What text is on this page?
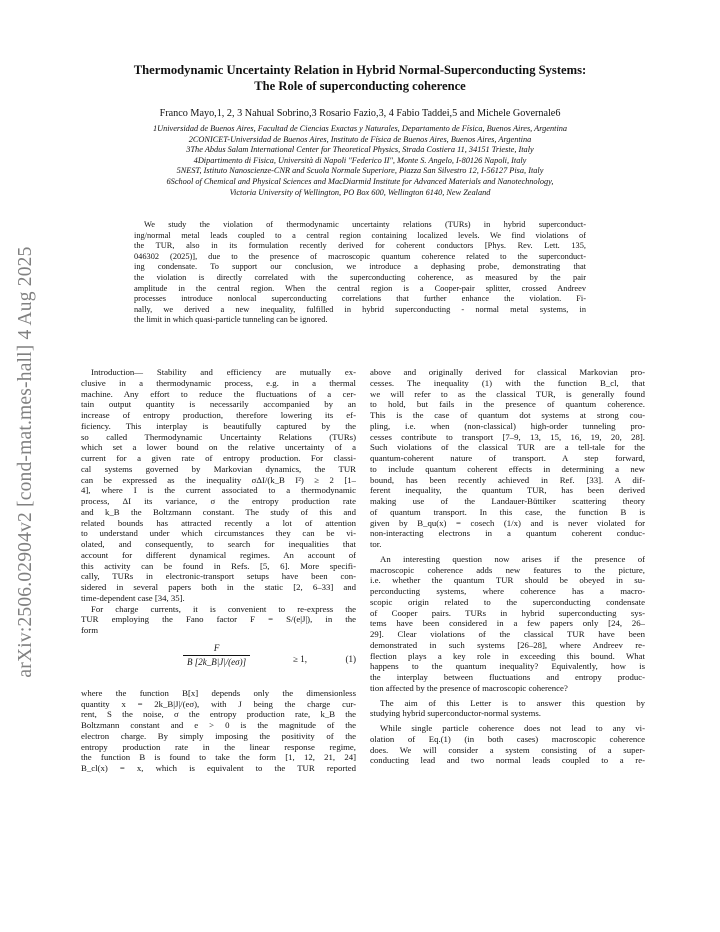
arXiv:2506.02904v2 [cond-mat.mes-hall] 4 Aug 2025
Thermodynamic Uncertainty Relation in Hybrid Normal-Superconducting Systems:
The Role of superconducting coherence
Franco Mayo,1, 2, 3 Nahual Sobrino,3 Rosario Fazio,3, 4 Fabio Taddei,5 and Michele Governale6
1Universidad de Buenos Aires, Facultad de Ciencias Exactas y Naturales, Departamento de Física, Buenos Aires, Argentina
2CONICET-Universidad de Buenos Aires, Instituto de Física de Buenos Aires, Buenos Aires, Argentina
3The Abdus Salam International Center for Theoretical Physics, Strada Costiera 11, 34151 Trieste, Italy
4Dipartimento di Fisica, Università di Napoli "Federico II", Monte S. Angelo, I-80126 Napoli, Italy
5NEST, Istituto Nanoscienze-CNR and Scuola Normale Superiore, Piazza San Silvestro 12, I-56127 Pisa, Italy
6School of Chemical and Physical Sciences and MacDiarmid Institute for Advanced Materials and Nanotechnology,
Victoria University of Wellington, PO Box 600, Wellington 6140, New Zealand
We study the violation of thermodynamic uncertainty relations (TURs) in hybrid superconduct-
ing/normal metal leads coupled to a central region containing localized levels. We find violations of
the TUR, also in its formulation recently derived for coherent conductors [Phys. Rev. Lett. 135,
046302 (2025)], due to the presence of macroscopic quantum coherence related to the superconduct-
ing condensate. To support our conclusion, we introduce a dephasing probe, demonstrating that
the violation is directly correlated with the superconducting coherence, as measured by the pair
amplitude in the central region. When the central region is a Cooper-pair splitter, crossed Andreev
processes introduce nonlocal superconducting correlations that further enhance the violation. Fi-
nally, we derived a new inequality, fulfilled in hybrid superconducting - normal metal systems, in
the limit in which quasi-particle tunneling can be ignored.
Introduction— Stability and efficiency are mutually ex-
clusive in a thermodynamic process, e.g. in a thermal
machine. Any effort to reduce the fluctuations of a cer-
tain output quantity is necessarily accompanied by an
increase of entropy production, therefore lowering its ef-
ficiency. This interplay is beautifully captured by the
so called Thermodynamic Uncertainty Relations (TURs)
which set a lower bound on the relative uncertainty of a
current for a given rate of entropy production. For classi-
cal systems governed by Markovian dynamics, the TUR
can be expressed as the inequality σΔI/(k_B I²) ≥ 2 [1–
4], where I is the current associated to a thermodynamic
process, ΔI its variance, σ the entropy production rate
and k_B the Boltzmann constant. The study of this and
related bounds has attracted recently a lot of attention
to understand under which circumstances they can be vi-
olated, and consequently, to search for inequalities that
account for different dynamical regimes. An account of
this activity can be found in Refs. [5, 6]. More specifi-
cally, TURs in electronic-transport setups have been con-
sidered in several papers both in the static [2, 6–33] and
time-dependent case [34, 35].
For charge currents, it is convenient to re-express the
TUR employing the Fano factor F = S/(e|J|), in the
form
F
B [2k_B|J|/(eσ)]	≥ 1,	(1)
where the function B[x] depends only the dimensionless
quantity x = 2k_B|J|/(eσ), with J being the charge cur-
rent, S the noise, σ the entropy production rate, k_B the
Boltzmann constant and e > 0 is the magnitude of the
electron charge. By simply imposing the positivity of the
entropy production rate in the linear response regime,
the function B is found to take the form [1, 12, 21, 24]
B_cl(x) = x, which is equivalent to the TUR reported
above and originally derived for classical Markovian pro-
cesses. The inequality (1) with the function B_cl, that
we will refer to as the classical TUR, is generally found
to hold, but fails in the presence of quantum coherence.
This is the case of quantum dot systems at strong cou-
pling, i.e. when (non-classical) high-order tunneling pro-
cesses contribute to transport [7–9, 13, 15, 16, 19, 20, 28].
Such violations of the classical TUR are a tell-tale for the
quantum-coherent nature of transport. A step forward,
to include quantum coherent effects in determining a new
bound, has been recently achieved in Ref. [33]. A dif-
ferent inequality, the quantum TUR, has been derived
making use of the Landauer-Büttiker scattering theory
of quantum transport. In this case, the function B is
given by B_qu(x) = cosech (1/x) and is never violated for
non-interacting electrons in a quantum coherent conduc-
tor.
An interesting question now arises if the presence of
macroscopic coherence adds new features to the picture,
i.e. whether the quantum TUR should be obeyed in su-
perconducting systems, where coherence has a macro-
scopic origin related to the superconducting condensate
of Cooper pairs. TURs in hybrid superconducting sys-
tems have been considered in a few papers only [24, 26–
29]. Clear violations of the classical TUR have been
demonstrated in such systems [26–28], where Andreev re-
flection plays a key role in exceeding this bound. What
happens to the quantum inequality? Equivalently, how is
the interplay between fluctuations and entropy produc-
tion affected by the presence of macroscopic coherence?
The aim of this Letter is to answer this question by
studying hybrid superconductor-normal systems.
While single particle coherence does not lead to any vi-
olation of Eq.(1) (in both cases) macroscopic coherence
does. We will consider a system consisting of a super-
conducting lead and two normal leads coupled to a re-
